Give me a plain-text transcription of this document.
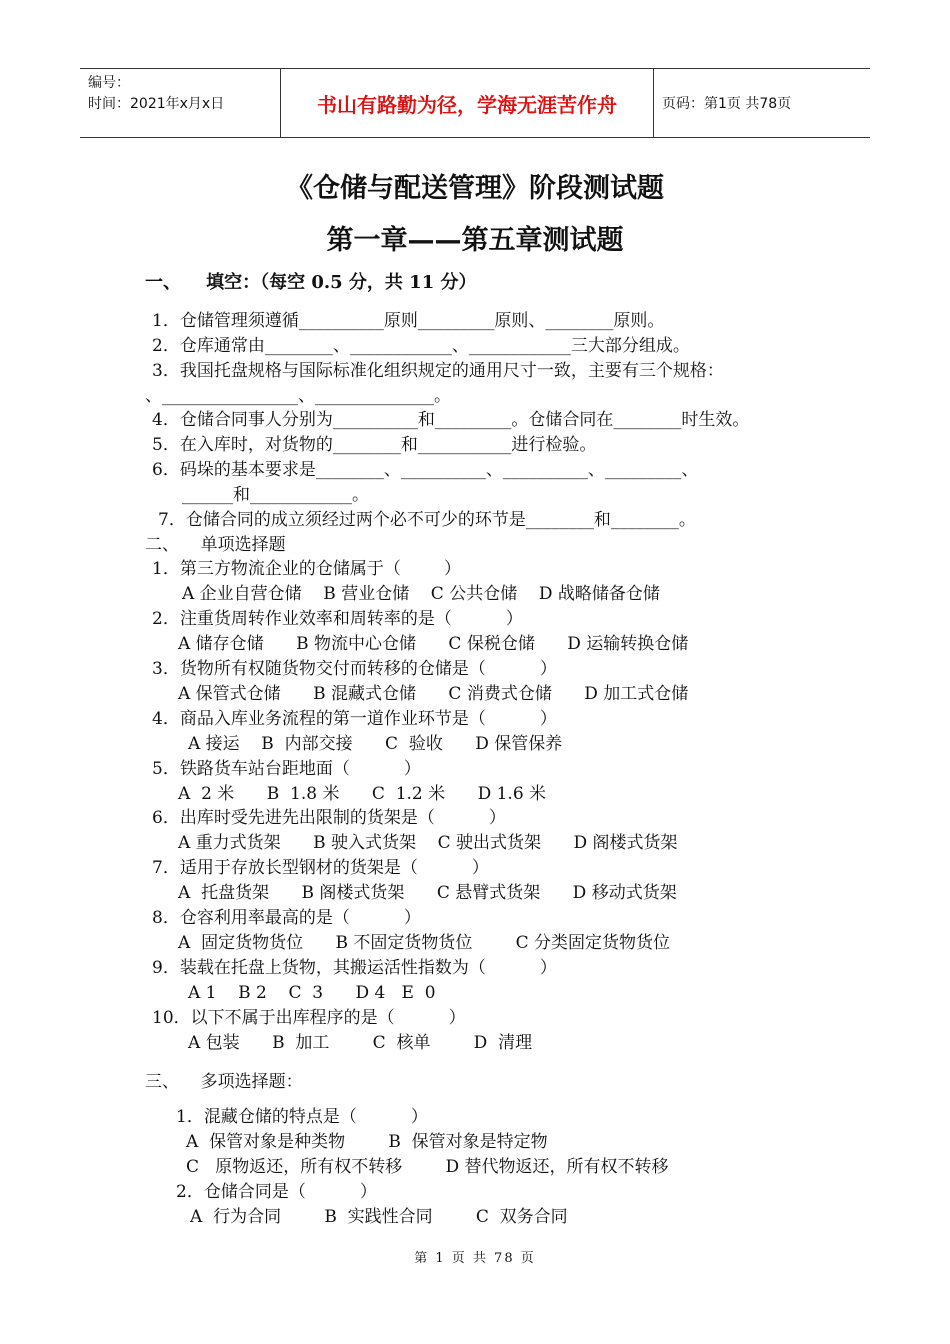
编号：
时间：2021年x月x日	书山有路勤为径，学海无涯苦作舟	页码：第1页 共78页
《仓储与配送管理》阶段测试题
第一章——第五章测试题
一、    填空：（每空 0.5 分，共 11 分）
1．仓储管理须遵循__________原则_________原则、________原则。
2．仓库通常由________、____________、____________三大部分组成。
3．我国托盘规格与国际标准化组织规定的通用尺寸一致，主要有三个规格：
、________________、______________。
4．仓储合同事人分别为__________和_________。仓储合同在________时生效。
5．在入库时，对货物的________和___________进行检验。
6．码垛的基本要求是________、__________、__________、_________、
______和____________。
7．仓储合同的成立须经过两个必不可少的环节是________和________。
二、    单项选择题
1．第三方物流企业的仓储属于（        ）
A 企业自营仓储    B 营业仓储    C 公共仓储    D 战略储备仓储
2．注重货周转作业效率和周转率的是（          ）
A 储存仓储      B 物流中心仓储      C 保税仓储      D 运输转换仓储
3．货物所有权随货物交付而转移的仓储是（          ）
A 保管式仓储      B 混藏式仓储      C 消费式仓储      D 加工式仓储
4．商品入库业务流程的第一道作业环节是（          ）
A 接运    B  内部交接      C  验收      D 保管保养
5．铁路货车站台距地面（          ）
A  2 米      B  1.8 米      C  1.2 米      D 1.6 米
6．出库时受先进先出限制的货架是（          ）
A 重力式货架      B 驶入式货架    C 驶出式货架      D 阁楼式货架
7．适用于存放长型钢材的货架是（          ）
A  托盘货架      B 阁楼式货架      C 悬臂式货架      D 移动式货架
8．仓容利用率最高的是（          ）
A  固定货物货位      B 不固定货物货位        C 分类固定货物货位
9．装载在托盘上货物，其搬运活性指数为（          ）
A 1    B 2    C  3      D 4   E  0
10．以下不属于出库程序的是（          ）
A 包装      B  加工        C  核单        D  清理
三、    多项选择题：
1．混藏仓储的特点是（          ）
A  保管对象是种类物        B  保管对象是特定物
C   原物返还，所有权不转移        D 替代物返还，所有权不转移
2．仓储合同是（          ）
A  行为合同        B  实践性合同        C  双务合同
第 1 页 共 78 页
